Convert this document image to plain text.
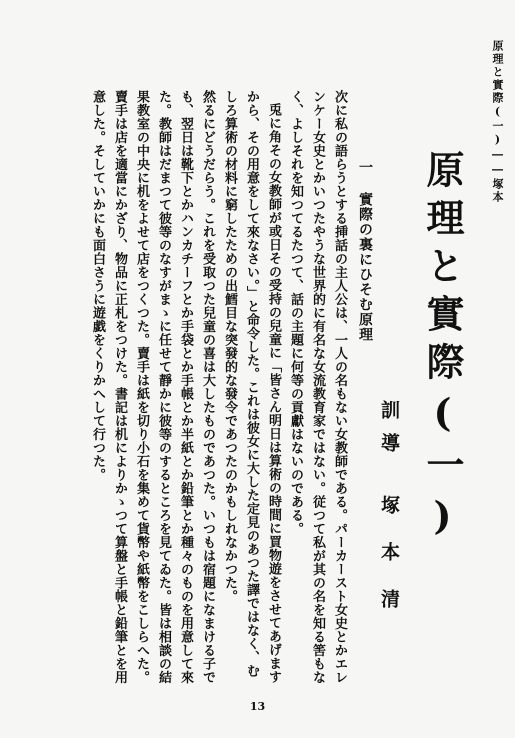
原理と實際(一)――塚本
原理と實際(一)
訓導
塚本清
一 實際の裏にひそむ原理

次に私の語らうとする挿話の主人公は、一人の名もない女教師である。パーカースト女史とかエレンケー女史とかいつたやうな世界的に有名な女流教育家ではない。従つて私が其の名を知る筈もなく、よしそれを知つてるたつて、話の主題に何等の貢獻はないのである。

兎に角その女教師が或日その受持の兒童に「皆さん明日は算術の時間に買物遊をさせてあげますから、その用意をして來なさい。」と命令した。これは彼女に大した定見のあつた譯ではなく、むしろ算術の材料に窮したための出鱈目な突發的な發令であつたのかもしれなかつた。

然るにどうだらう。これを受取つた兒童の喜は大したものであつた。いつもは宿題になまける子でも、翌日は靴下とかハンカチーフとか手袋とか手帳とか半紙とか鉛筆とか種々のものを用意して來た。教師はだまつて彼等のなすがまゝに任せて靜かに彼等のするところを見てゐた。皆は相談の結果教室の中央に机をよせて店をつくつた。賣手は紙を切り小石を集めて貨幣や紙幣をこしらへた。賣手は店を適當にかざり、物品に正札をつけた。書記は机によりかゝつて算盤と手帳と鉛筆とを用意した。そしていかにも面白さうに遊戯をくりかへして行つた。

13
